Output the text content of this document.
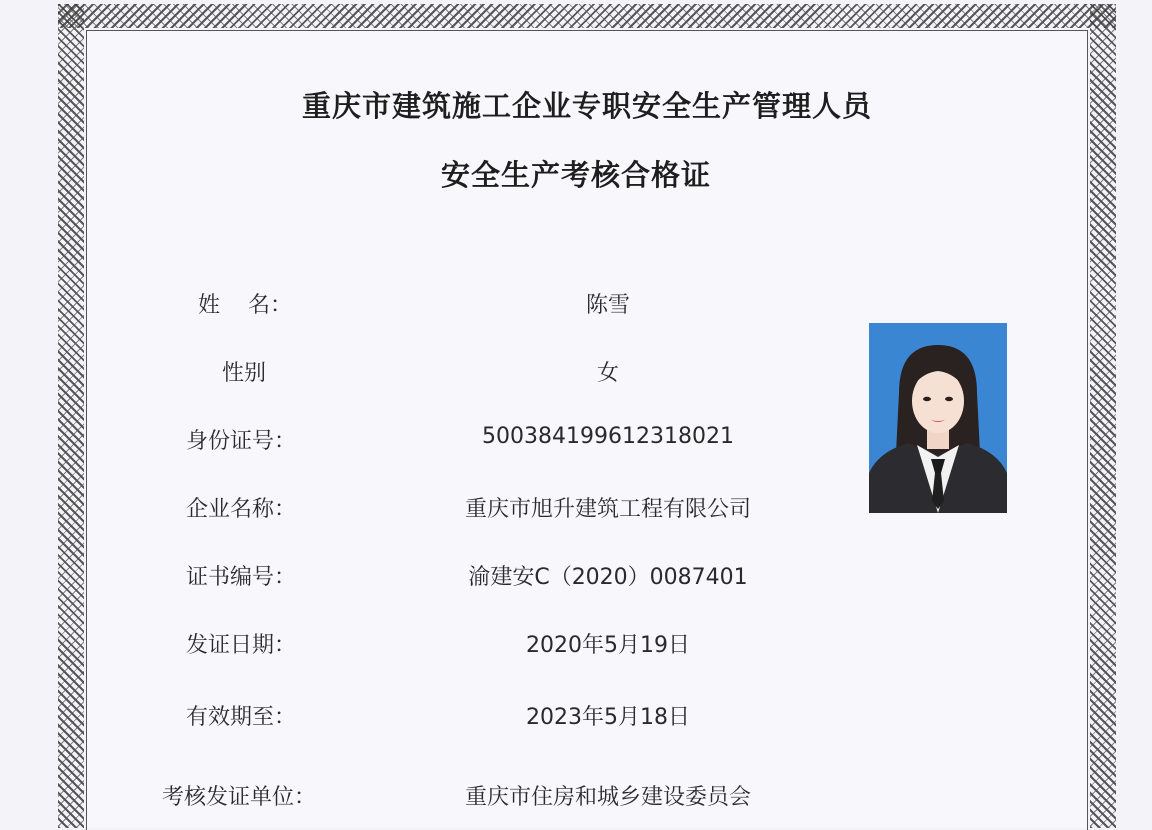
重庆市建筑施工企业专职安全生产管理人员
安全生产考核合格证
姓    名：	陈雪
性别	女
身份证号：	500384199612318021
企业名称：	重庆市旭升建筑工程有限公司
证书编号：	渝建安C（2020）0087401
发证日期：	2020年5月19日
有效期至：	2023年5月18日
考核发证单位：	重庆市住房和城乡建设委员会
